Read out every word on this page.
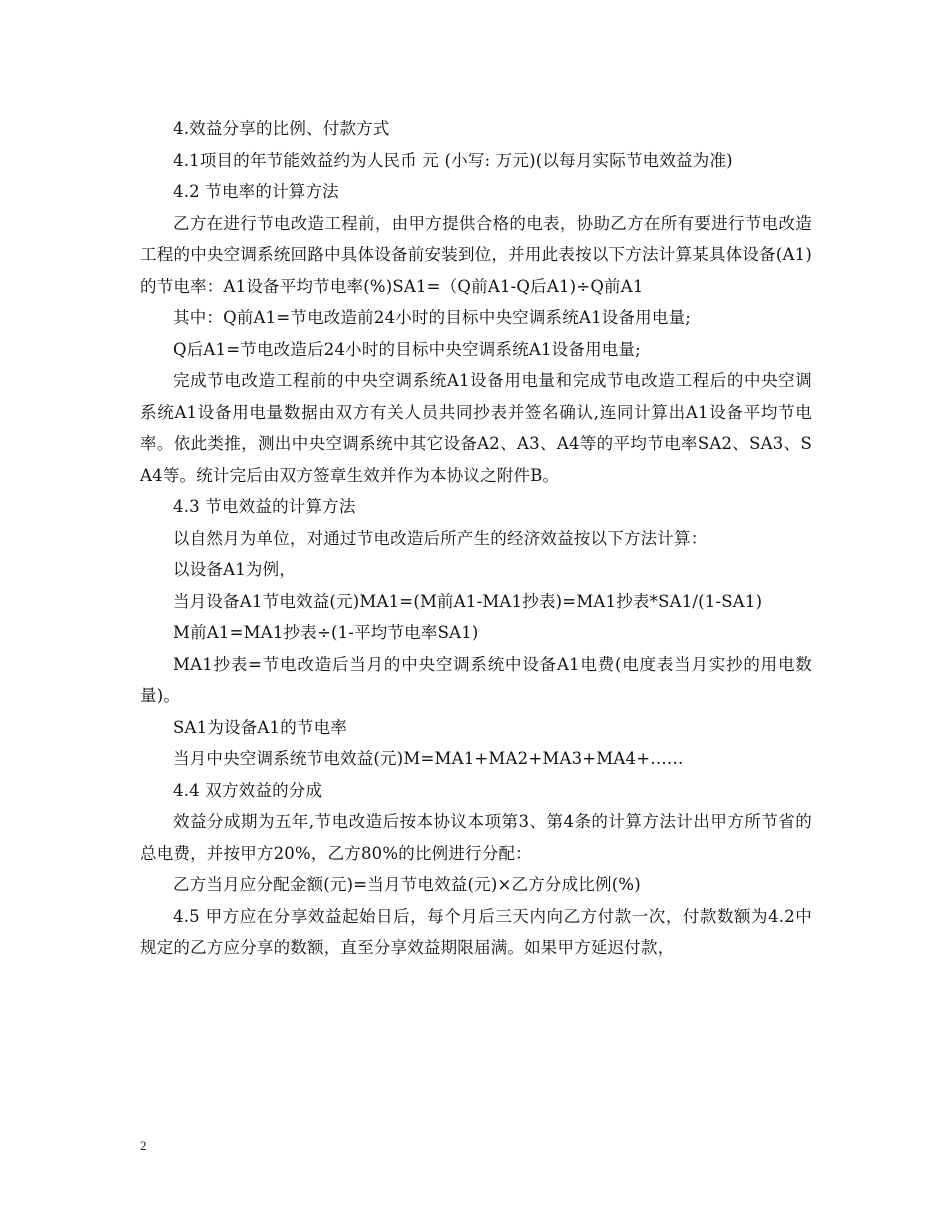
4.效益分享的比例、付款方式

4.1项目的年节能效益约为人民币 元 (小写: 万元)(以每月实际节电效益为准)

4.2 节电率的计算方法

乙方在进行节电改造工程前，由甲方提供合格的电表，协助乙方在所有要进行节电改造工程的中央空调系统回路中具体设备前安装到位，并用此表按以下方法计算某具体设备(A1)的节电率：A1设备平均节电率(%)SA1=（Q前A1-Q后A1)÷Q前A1

其中：Q前A1=节电改造前24小时的目标中央空调系统A1设备用电量;

Q后A1=节电改造后24小时的目标中央空调系统A1设备用电量;

完成节电改造工程前的中央空调系统A1设备用电量和完成节电改造工程后的中央空调系统A1设备用电量数据由双方有关人员共同抄表并签名确认,连同计算出A1设备平均节电率。依此类推，测出中央空调系统中其它设备A2、A3、A4等的平均节电率SA2、SA3、SA4等。统计完后由双方签章生效并作为本协议之附件B。

4.3 节电效益的计算方法

以自然月为单位，对通过节电改造后所产生的经济效益按以下方法计算：

以设备A1为例，

当月设备A1节电效益(元)MA1=(M前A1-MA1抄表)=MA1抄表*SA1/(1-SA1)

M前A1=MA1抄表÷(1-平均节电率SA1)

MA1抄表=节电改造后当月的中央空调系统中设备A1电费(电度表当月实抄的用电数量)。

SA1为设备A1的节电率

当月中央空调系统节电效益(元)M=MA1+MA2+MA3+MA4+……

4.4 双方效益的分成

效益分成期为五年,节电改造后按本协议本项第3、第4条的计算方法计出甲方所节省的总电费，并按甲方20%，乙方80%的比例进行分配：

乙方当月应分配金额(元)=当月节电效益(元)×乙方分成比例(%)

4.5 甲方应在分享效益起始日后，每个月后三天内向乙方付款一次，付款数额为4.2中规定的乙方应分享的数额，直至分享效益期限届满。如果甲方延迟付款，

2
